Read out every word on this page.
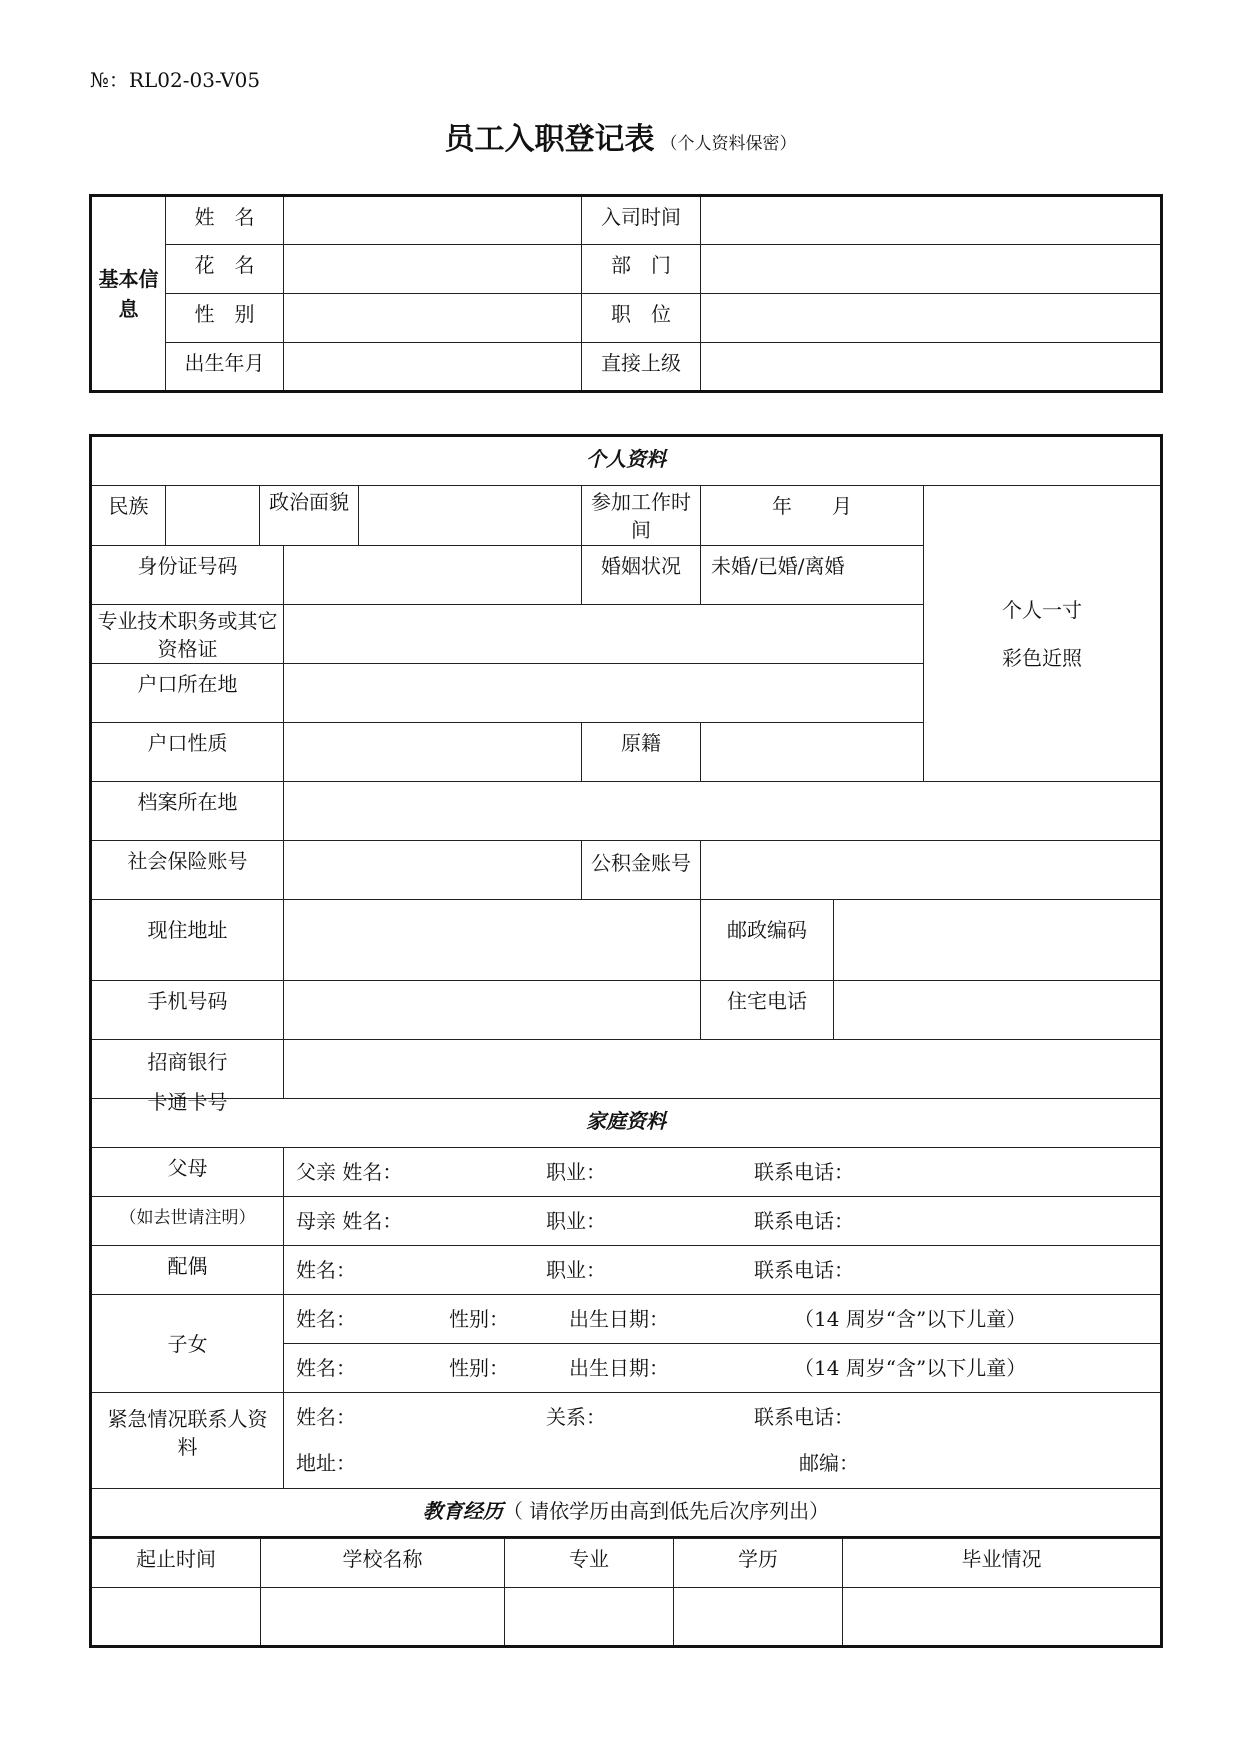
№：RL02-03-V05
员工入职登记表 （个人资料保密）
基本信息	姓　名		入司时间	
	花　名		部　门	
	性　别		职　位	
	出生年月		直接上级	
个人资料								
民族		政治面貌			参加工作时间	年　　月		个人一寸
彩色近照

身份证号码					婚姻状况	未婚/已婚/离婚		
专业技术职务或其它资格证								
户口所在地								
户口性质					原籍			
档案所在地								
社会保险账号					公积金账号			

现住地址						邮政编码		
手机号码						住宅电话		

招商银行卡通卡号								

家庭资料								
父母			父亲 姓名： 职业： 联系电话：					

（如去世请注明）			母亲 姓名： 职业： 联系电话：					

配偶			姓名： 职业： 联系电话：					

子女			姓名： 性别： 出生日期： （14 周岁“含”以下儿童）					

			姓名： 性别： 出生日期： （14 周岁“含”以下儿童）					

紧急情况联系人资料			姓名： 关系： 联系电话：
地址： 邮编：					

教育经历（ 请依学历由高到低先后次序列出）								
起止时间	学校名称	专业	学历	毕业情况
